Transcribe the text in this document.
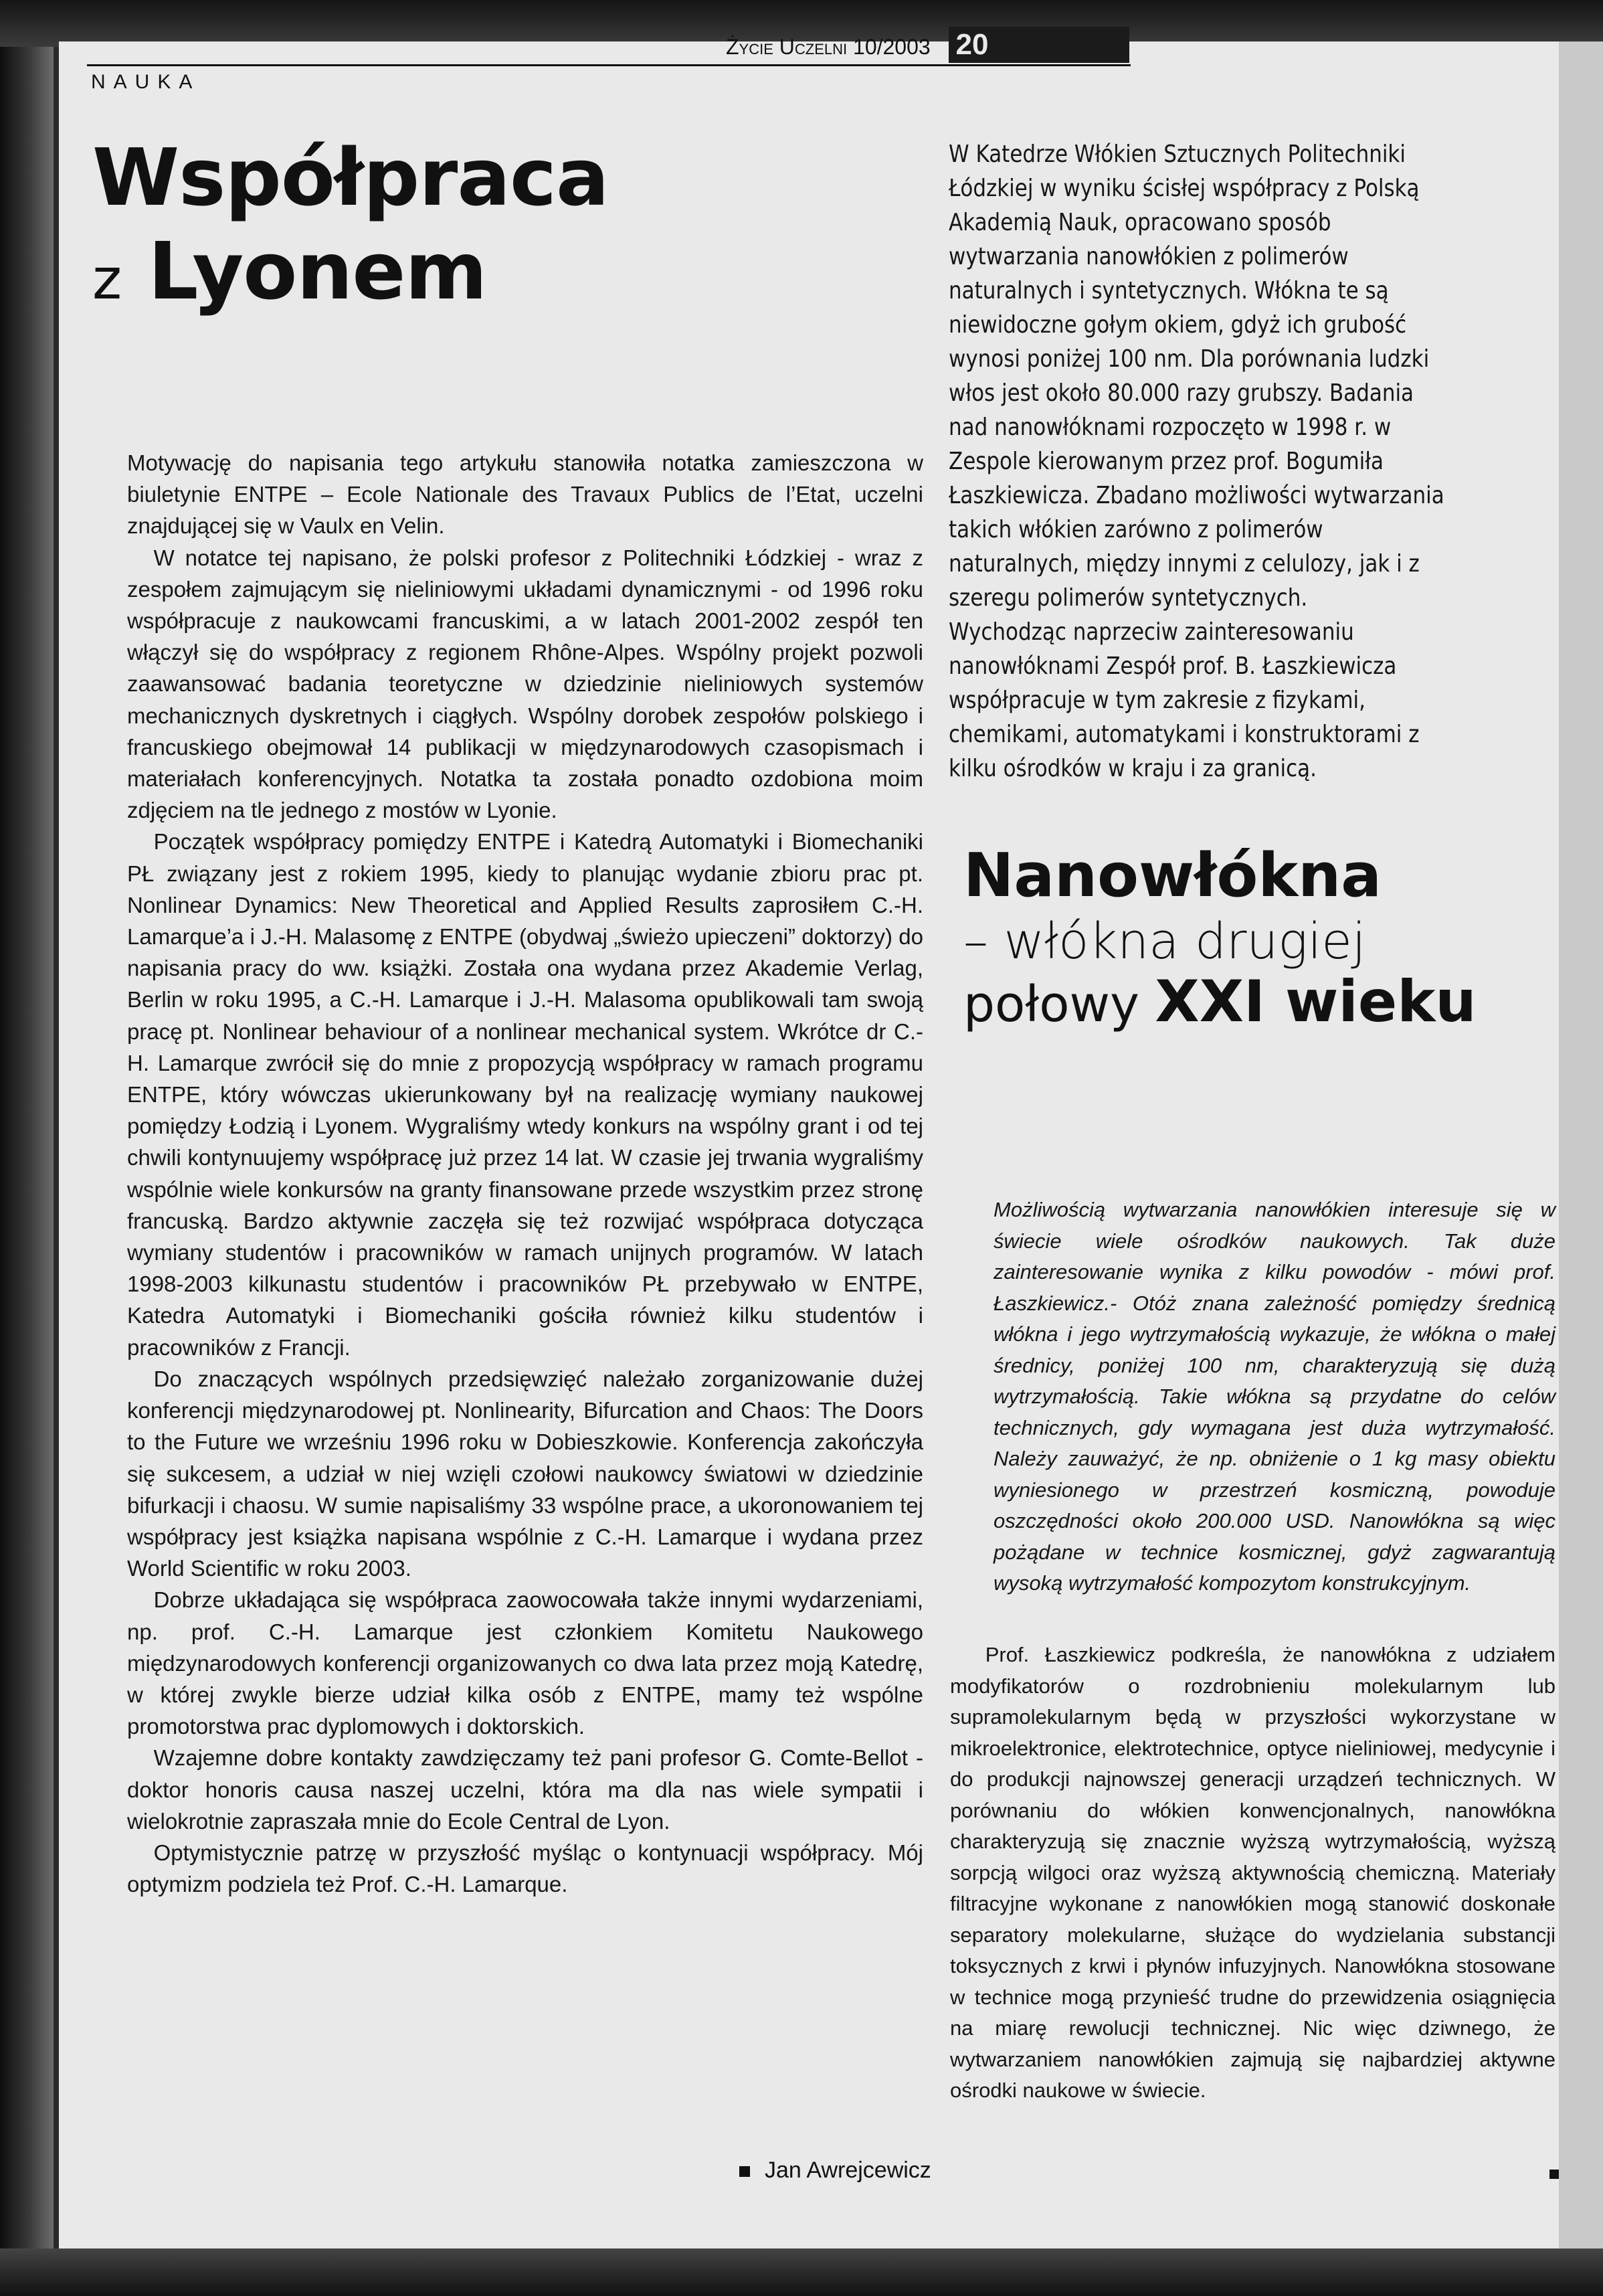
20
Życie Uczelni 10/2003
NAUKA
Współpraca
z Lyonem

Motywację do napisania tego artykułu stanowiła notatka zamieszczona w biuletynie ENTPE – Ecole Nationale des Travaux Publics de l’Etat, uczelni znajdującej się w Vaulx en Velin.

W notatce tej napisano, że polski profesor z Politechniki Łódzkiej - wraz z zespołem zajmującym się nieliniowymi układami dynamicznymi - od 1996 roku współpracuje z naukowcami francuskimi, a w latach 2001-2002 zespół ten włączył się do współpracy z regionem Rhône-Alpes. Wspólny projekt pozwoli zaawansować badania teoretyczne w dziedzinie nieliniowych systemów mechanicznych dyskretnych i ciągłych. Wspólny dorobek zespołów polskiego i francuskiego obejmował 14 publikacji w międzynarodowych czasopismach i materiałach konferencyjnych. Notatka ta została ponadto ozdobiona moim zdjęciem na tle jednego z mostów w Lyonie.

Początek współpracy pomiędzy ENTPE i Katedrą Automatyki i Biomechaniki PŁ związany jest z rokiem 1995, kiedy to planując wydanie zbioru prac pt. Nonlinear Dynamics: New Theoretical and Applied Results zaprosiłem C.-H. Lamarque’a i J.-H. Malasomę z ENTPE (obydwaj „świeżo upieczeni” doktorzy) do napisania pracy do ww. książki. Została ona wydana przez Akademie Verlag, Berlin w roku 1995, a C.-H. Lamarque i J.-H. Malasoma opublikowali tam swoją pracę pt. Nonlinear behaviour of a nonlinear mechanical system. Wkrótce dr C.-H. Lamarque zwrócił się do mnie z propozycją współpracy w ramach programu ENTPE, który wówczas ukierunkowany był na realizację wymiany naukowej pomiędzy Łodzią i Lyonem. Wygraliśmy wtedy konkurs na wspólny grant i od tej chwili kontynuujemy współpracę już przez 14 lat. W czasie jej trwania wygraliśmy wspólnie wiele konkursów na granty finansowane przede wszystkim przez stronę francuską. Bardzo aktywnie zaczęła się też rozwijać współpraca dotycząca wymiany studentów i pracowników w ramach unijnych programów. W latach 1998-2003 kilkunastu studentów i pracowników PŁ przebywało w ENTPE, Katedra Automatyki i Biomechaniki gościła również kilku studentów i pracowników z Francji.

Do znaczących wspólnych przedsięwzięć należało zorganizowanie dużej konferencji międzynarodowej pt. Nonlinearity, Bifurcation and Chaos: The Doors to the Future we wrześniu 1996 roku w Dobieszkowie. Konferencja zakończyła się sukcesem, a udział w niej wzięli czołowi naukowcy światowi w dziedzinie bifurkacji i chaosu. W sumie napisaliśmy 33 wspólne prace, a ukoronowaniem tej współpracy jest książka napisana wspólnie z C.-H. Lamarque i wydana przez World Scientific w roku 2003.

Dobrze układająca się współpraca zaowocowała także innymi wydarzeniami, np. prof. C.-H. Lamarque jest członkiem Komitetu Naukowego międzynarodowych konferencji organizowanych co dwa lata przez moją Katedrę, w której zwykle bierze udział kilka osób z ENTPE, mamy też wspólne promotorstwa prac dyplomowych i doktorskich.

Wzajemne dobre kontakty zawdzięczamy też pani profesor G. Comte-Bellot - doktor honoris causa naszej uczelni, która ma dla nas wiele sympatii i wielokrotnie zapraszała mnie do Ecole Central de Lyon.

Optymistycznie patrzę w przyszłość myśląc o kontynuacji współpracy. Mój optymizm podziela też Prof. C.-H. Lamarque.

Jan Awrejcewicz

W Katedrze Włókien Sztucznych Politechniki Łódzkiej w wyniku ścisłej współpracy z Polską Akademią Nauk, opracowano sposób wytwarzania nanowłókien z polimerów naturalnych i syntetycznych. Włókna te są niewidoczne gołym okiem, gdyż ich grubość wynosi poniżej 100 nm. Dla porównania ludzki włos jest około 80.000 razy grubszy. Badania nad nanowłóknami rozpoczęto w 1998 r. w Zespole kierowanym przez prof. Bogumiła Łaszkiewicza. Zbadano możliwości wytwarzania takich włókien zarówno z polimerów naturalnych, między innymi z celulozy, jak i z szeregu polimerów syntetycznych.

Wychodząc naprzeciw zainteresowaniu nanowłóknami Zespół prof. B. Łaszkiewicza współpracuje w tym zakresie z fizykami, chemikami, automatykami i konstruktorami z kilku ośrodków w kraju i za granicą.

Nanowłókna
– włókna drugiej
połowy XXI wieku
Możliwością wytwarzania nanowłókien interesuje się w świecie wiele ośrodków naukowych. Tak duże zainteresowanie wynika z kilku powodów - mówi prof. Łaszkiewicz.- Otóż znana zależność pomiędzy średnicą włókna i jego wytrzymałością wykazuje, że włókna o małej średnicy, poniżej 100 nm, charakteryzują się dużą wytrzymałością. Takie włókna są przydatne do celów technicznych, gdy wymagana jest duża wytrzymałość. Należy zauważyć, że np. obniżenie o 1 kg masy obiektu wyniesionego w przestrzeń kosmiczną, powoduje oszczędności około 200.000 USD. Nanowłókna są więc pożądane w technice kosmicznej, gdyż zagwarantują wysoką wytrzymałość kompozytom konstrukcyjnym.

Prof. Łaszkiewicz podkreśla, że nanowłókna z udziałem modyfikatorów o rozdrobnieniu molekularnym lub supramolekularnym będą w przyszłości wykorzystane w mikroelektronice, elektrotechnice, optyce nieliniowej, medycynie i do produkcji najnowszej generacji urządzeń technicznych. W porównaniu do włókien konwencjonalnych, nanowłókna charakteryzują się znacznie wyższą wytrzymałością, wyższą sorpcją wilgoci oraz wyższą aktywnością chemiczną. Materiały filtracyjne wykonane z nanowłókien mogą stanowić doskonałe separatory molekularne, służące do wydzielania substancji toksycznych z krwi i płynów infuzyjnych. Nanowłókna stosowane w technice mogą przynieść trudne do przewidzenia osiągnięcia na miarę rewolucji technicznej. Nic więc dziwnego, że wytwarzaniem nanowłókien zajmują się najbardziej aktywne ośrodki naukowe w świecie.
